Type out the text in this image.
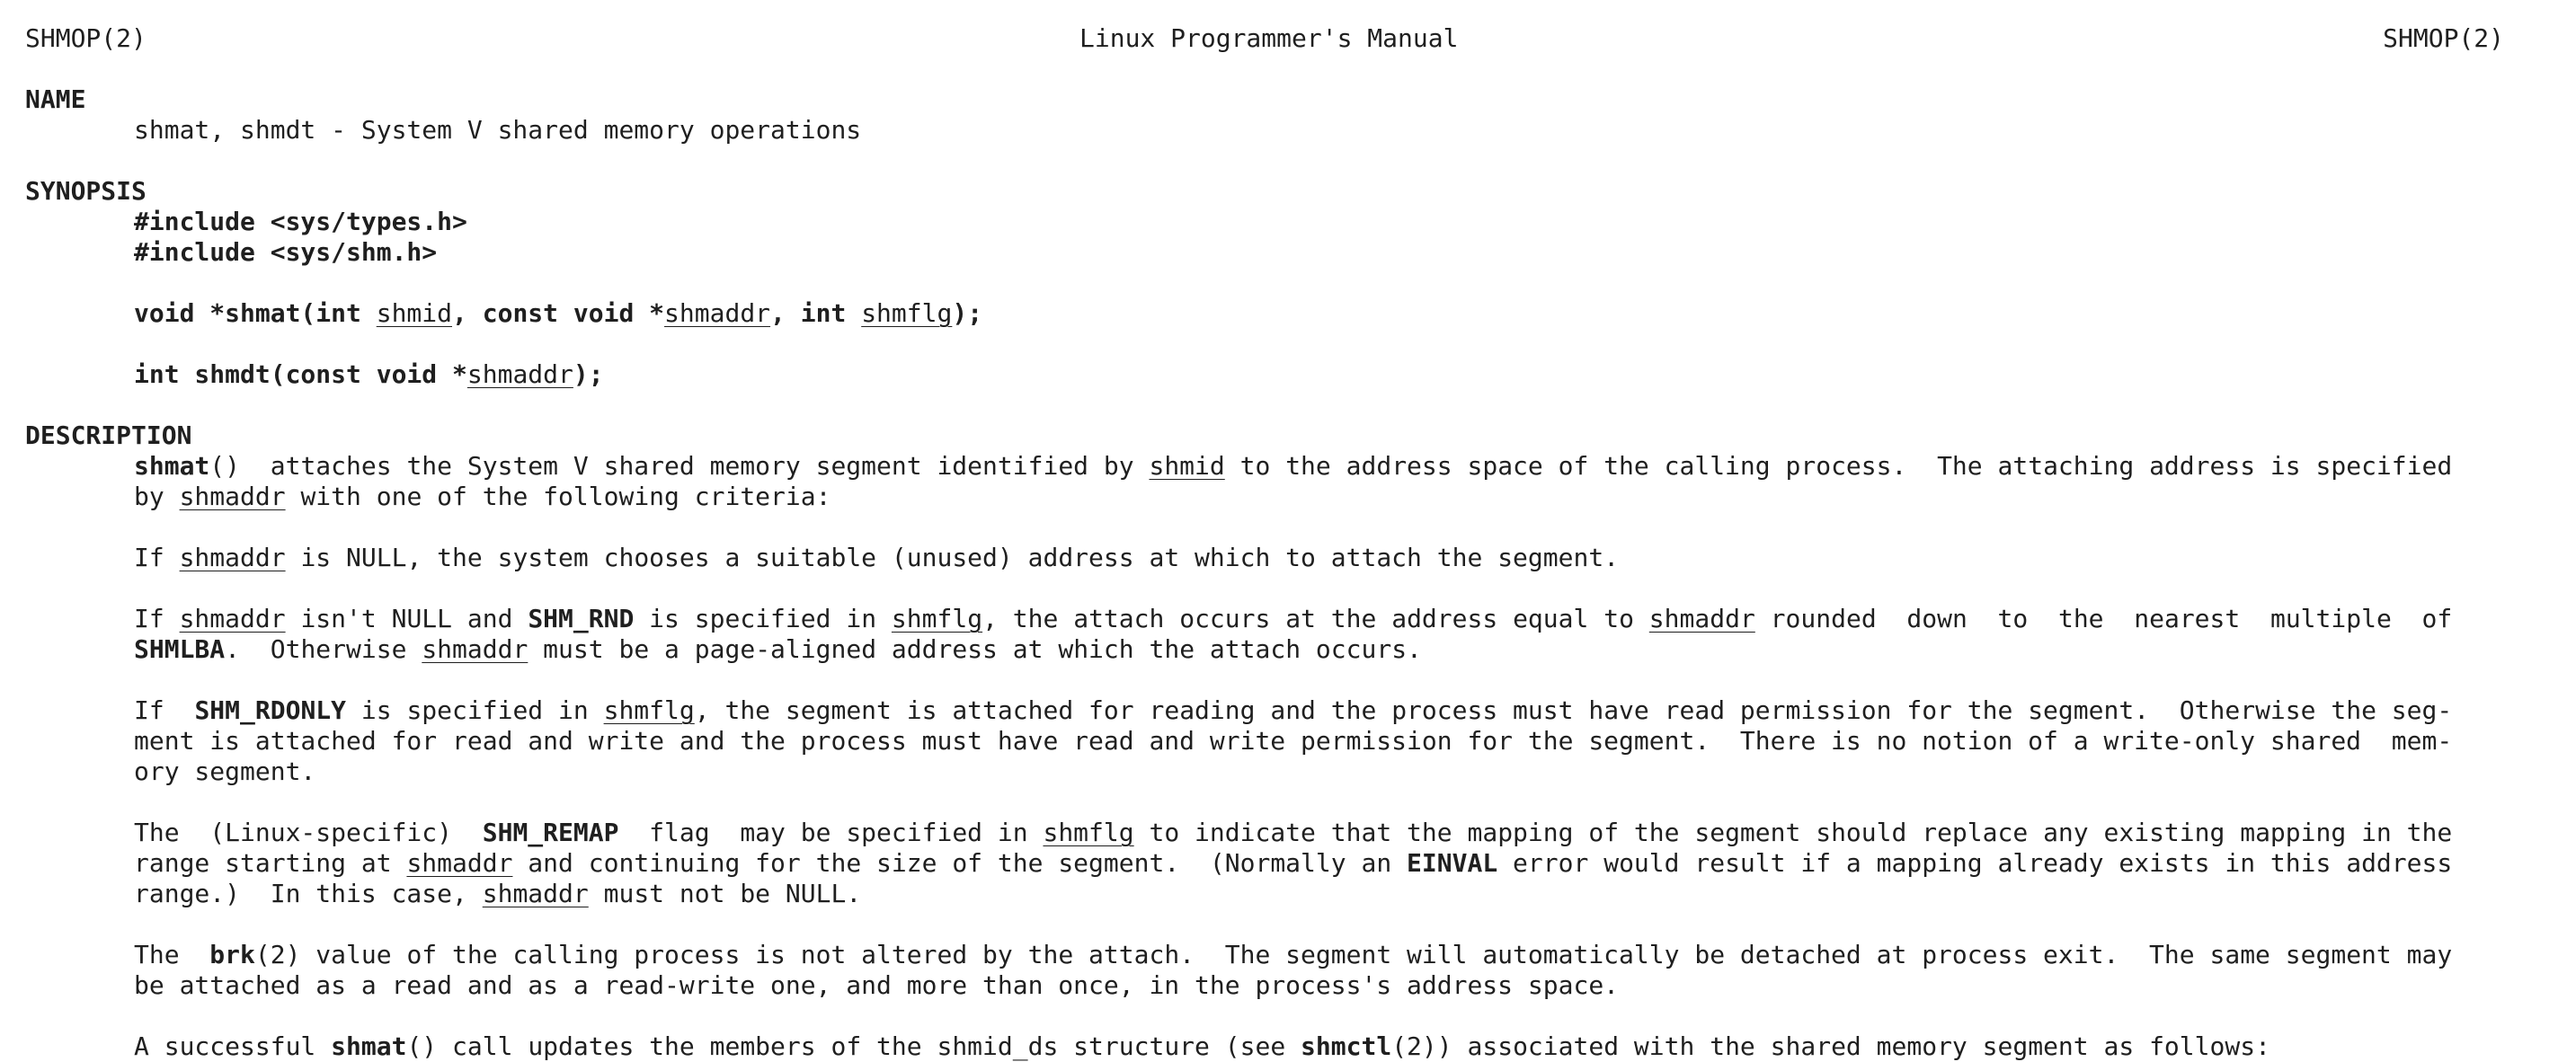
SHMOP(2)	Linux Programmer's Manual	SHMOP(2)
NAME
shmat, shmdt - System V shared memory operations
SYNOPSIS
#include <sys/types.h>
#include <sys/shm.h>
void *shmat(int shmid, const void *shmaddr, int shmflg);
int shmdt(const void *shmaddr);
DESCRIPTION
shmat()  attaches the System V shared memory segment identified by shmid to the address space of the calling process.  The attaching address is specified
by shmaddr with one of the following criteria:
If shmaddr is NULL, the system chooses a suitable (unused) address at which to attach the segment.
If shmaddr isn't NULL and SHM_RND is specified in shmflg, the attach occurs at the address equal to shmaddr rounded  down  to  the  nearest  multiple  of
SHMLBA.  Otherwise shmaddr must be a page-aligned address at which the attach occurs.
If  SHM_RDONLY is specified in shmflg, the segment is attached for reading and the process must have read permission for the segment.  Otherwise the seg-
ment is attached for read and write and the process must have read and write permission for the segment.  There is no notion of a write-only shared  mem-
ory segment.
The  (Linux-specific)  SHM_REMAP  flag  may be specified in shmflg to indicate that the mapping of the segment should replace any existing mapping in the
range starting at shmaddr and continuing for the size of the segment.  (Normally an EINVAL error would result if a mapping already exists in this address
range.)  In this case, shmaddr must not be NULL.
The  brk(2) value of the calling process is not altered by the attach.  The segment will automatically be detached at process exit.  The same segment may
be attached as a read and as a read-write one, and more than once, in the process's address space.
A successful shmat() call updates the members of the shmid_ds structure (see shmctl(2)) associated with the shared memory segment as follows:
